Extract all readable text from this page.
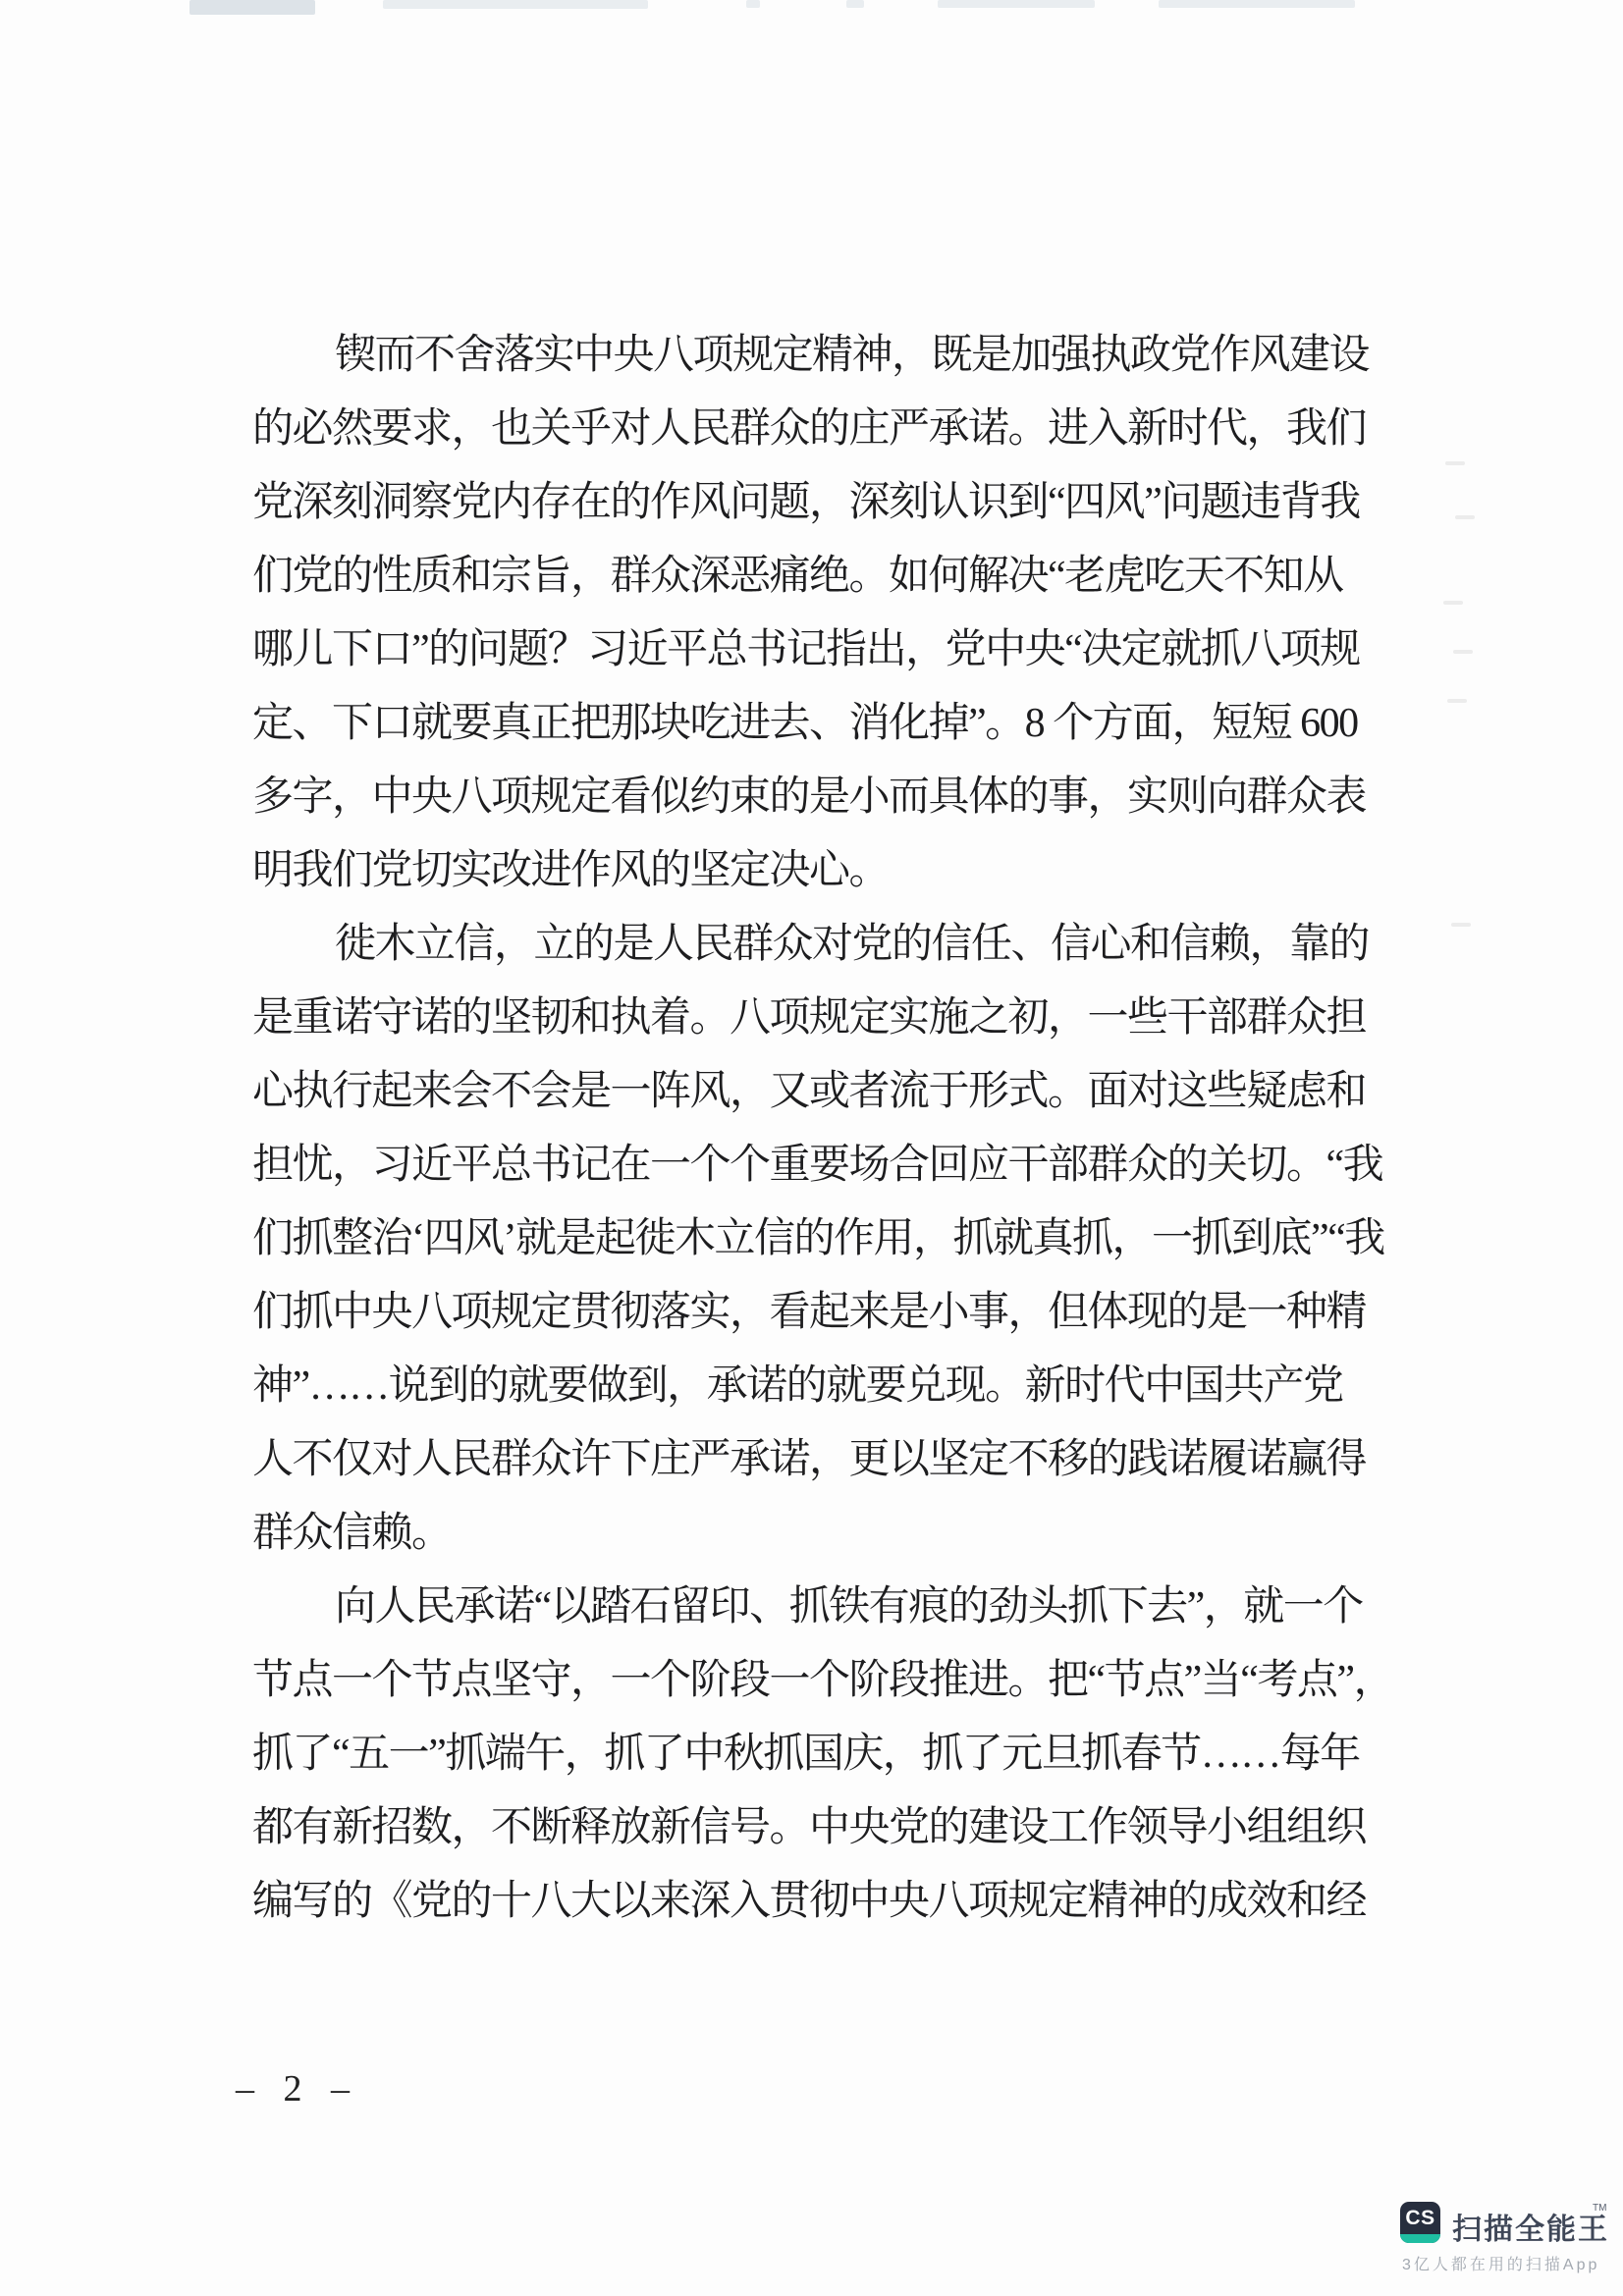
锲而不舍落实中央八项规定精神，既是加强执政党作风建设
的必然要求，也关乎对人民群众的庄严承诺。进入新时代，我们
党深刻洞察党内存在的作风问题，深刻认识到“四风”问题违背我
们党的性质和宗旨，群众深恶痛绝。如何解决“老虎吃天不知从
哪儿下口”的问题？习近平总书记指出，党中央“决定就抓八项规
定、下口就要真正把那块吃进去、消化掉”。8 个方面，短短 600
多字，中央八项规定看似约束的是小而具体的事，实则向群众表
明我们党切实改进作风的坚定决心。
徙木立信，立的是人民群众对党的信任、信心和信赖，靠的
是重诺守诺的坚韧和执着。八项规定实施之初，一些干部群众担
心执行起来会不会是一阵风，又或者流于形式。面对这些疑虑和
担忧，习近平总书记在一个个重要场合回应干部群众的关切。“我
们抓整治‘四风’就是起徙木立信的作用，抓就真抓，一抓到底”“我
们抓中央八项规定贯彻落实，看起来是小事，但体现的是一种精
神”……说到的就要做到，承诺的就要兑现。新时代中国共产党
人不仅对人民群众许下庄严承诺，更以坚定不移的践诺履诺赢得
群众信赖。
向人民承诺“以踏石留印、抓铁有痕的劲头抓下去”，就一个
节点一个节点坚守，一个阶段一个阶段推进。把“节点”当“考点”，
抓了“五一”抓端午，抓了中秋抓国庆，抓了元旦抓春节……每年
都有新招数，不断释放新信号。中央党的建设工作领导小组组织
编写的《党的十八大以来深入贯彻中央八项规定精神的成效和经
– 2 –
CS 扫描全能王
TM
3亿人都在用的扫描App
